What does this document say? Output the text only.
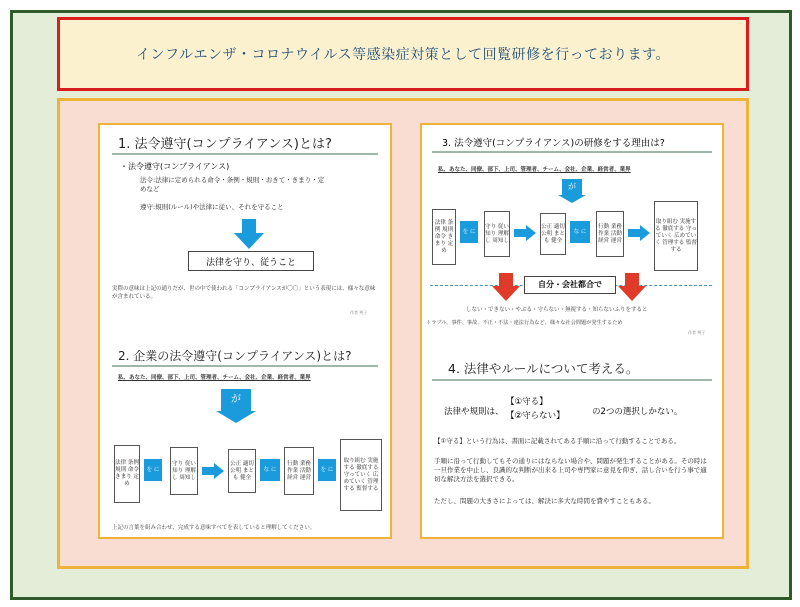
インフルエンザ・コロナウイルス等感染症対策として回覧研修を行っております。
1. 法令遵守(コンプライアンス)とは?
・法令遵守(コンプライアンス)
法令:法律に定められる命令・条例・規則・おきて・きまり・定めなど
遵守:規則(ルール)や法律に従い、それを守ること
法律を守り、従うこと
実際の意味は上記の通りだが、世の中で使われる「コンプライアンスが〇〇」という表現には、様々な意味が含まれている。
作者 判子
2. 企業の法令遵守(コンプライアンス)とは?
私、あなた、同僚、部下、上司、管理者、チーム、会社、企業、経営者、業界
が
法律 条例 規則 命令 きまり 定め
を に
守り 従い 知り 理解し 周知し
公正 適切 公明 まとも 健全
な に
行動 業務 作業 活動 経営 運営
を に
取り組む 実施する 徹底する 守っていく 広めていく 管理する 監督する
上記の言葉を組み合わせ、完成する意味すべてを表していると理解してください。
3. 法令遵守(コンプライアンス)の研修をする理由は?
私、あなた、同僚、部下、上司、管理者、チーム、会社、企業、経営者、業界
が
法律 条例 規則 命令 きまり 定め
を に
守り 従い 知り 理解し 周知し
公正 適切 公明 まとも 健全
な に
行動 業務 作業 活動 経営 運営
取り組む 実施する 徹底する 守っていく 広めていく 管理する 監督する
自分・会社都合で
しない・できない・やぶる・守らない・無視する・知らないふりをすると
トラブル、事件、事故、不正・不法・違法行為など、様々な社会問題が発生するため
作者 判子
4. 法律やルールについて考える。
法律や規則は、
【①守る】
【②守らない】	の2つの選択しかない。
【①守る】という行為は、書面に記載されてある手順に沿って行動することである。
手順に沿って行動してもその通りにはならない場合や、問題が発生することがある。その時は一旦作業を中止し、良識的な判断が出来る上司や専門家に意見を仰ぎ、話し合いを行う事で適切な解決方法を選択できる。
ただし、問題の大きさによっては、解決に多大な時間を費やすこともある。
